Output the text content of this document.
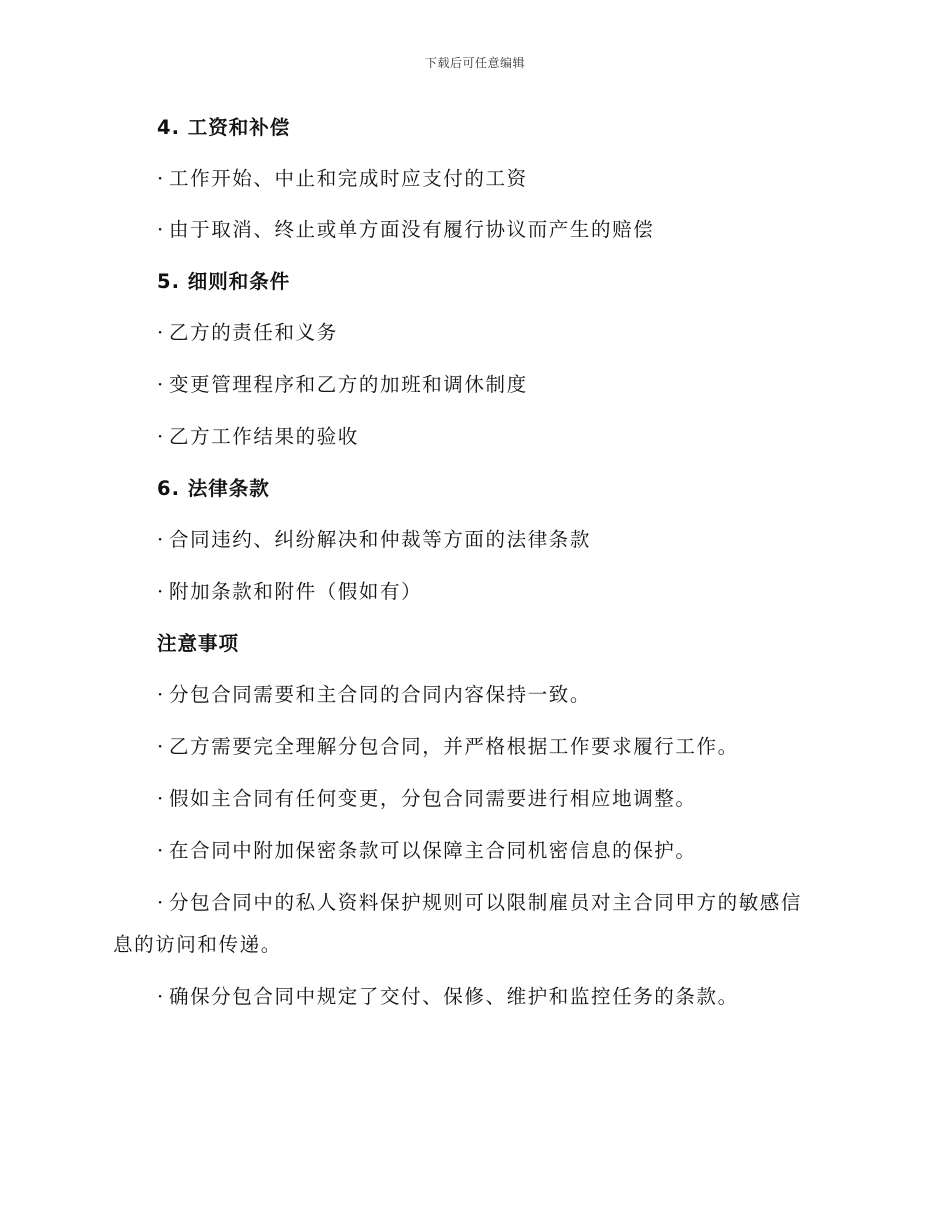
下载后可任意编辑
4. 工资和补偿
· 工作开始、中止和完成时应支付的工资
· 由于取消、终止或单方面没有履行协议而产生的赔偿
5. 细则和条件
· 乙方的责任和义务
· 变更管理程序和乙方的加班和调休制度
· 乙方工作结果的验收
6. 法律条款
· 合同违约、纠纷解决和仲裁等方面的法律条款
· 附加条款和附件（假如有）
注意事项
· 分包合同需要和主合同的合同内容保持一致。
· 乙方需要完全理解分包合同，并严格根据工作要求履行工作。
· 假如主合同有任何变更，分包合同需要进行相应地调整。
· 在合同中附加保密条款可以保障主合同机密信息的保护。
· 分包合同中的私人资料保护规则可以限制雇员对主合同甲方的敏感信
息的访问和传递。
· 确保分包合同中规定了交付、保修、维护和监控任务的条款。
